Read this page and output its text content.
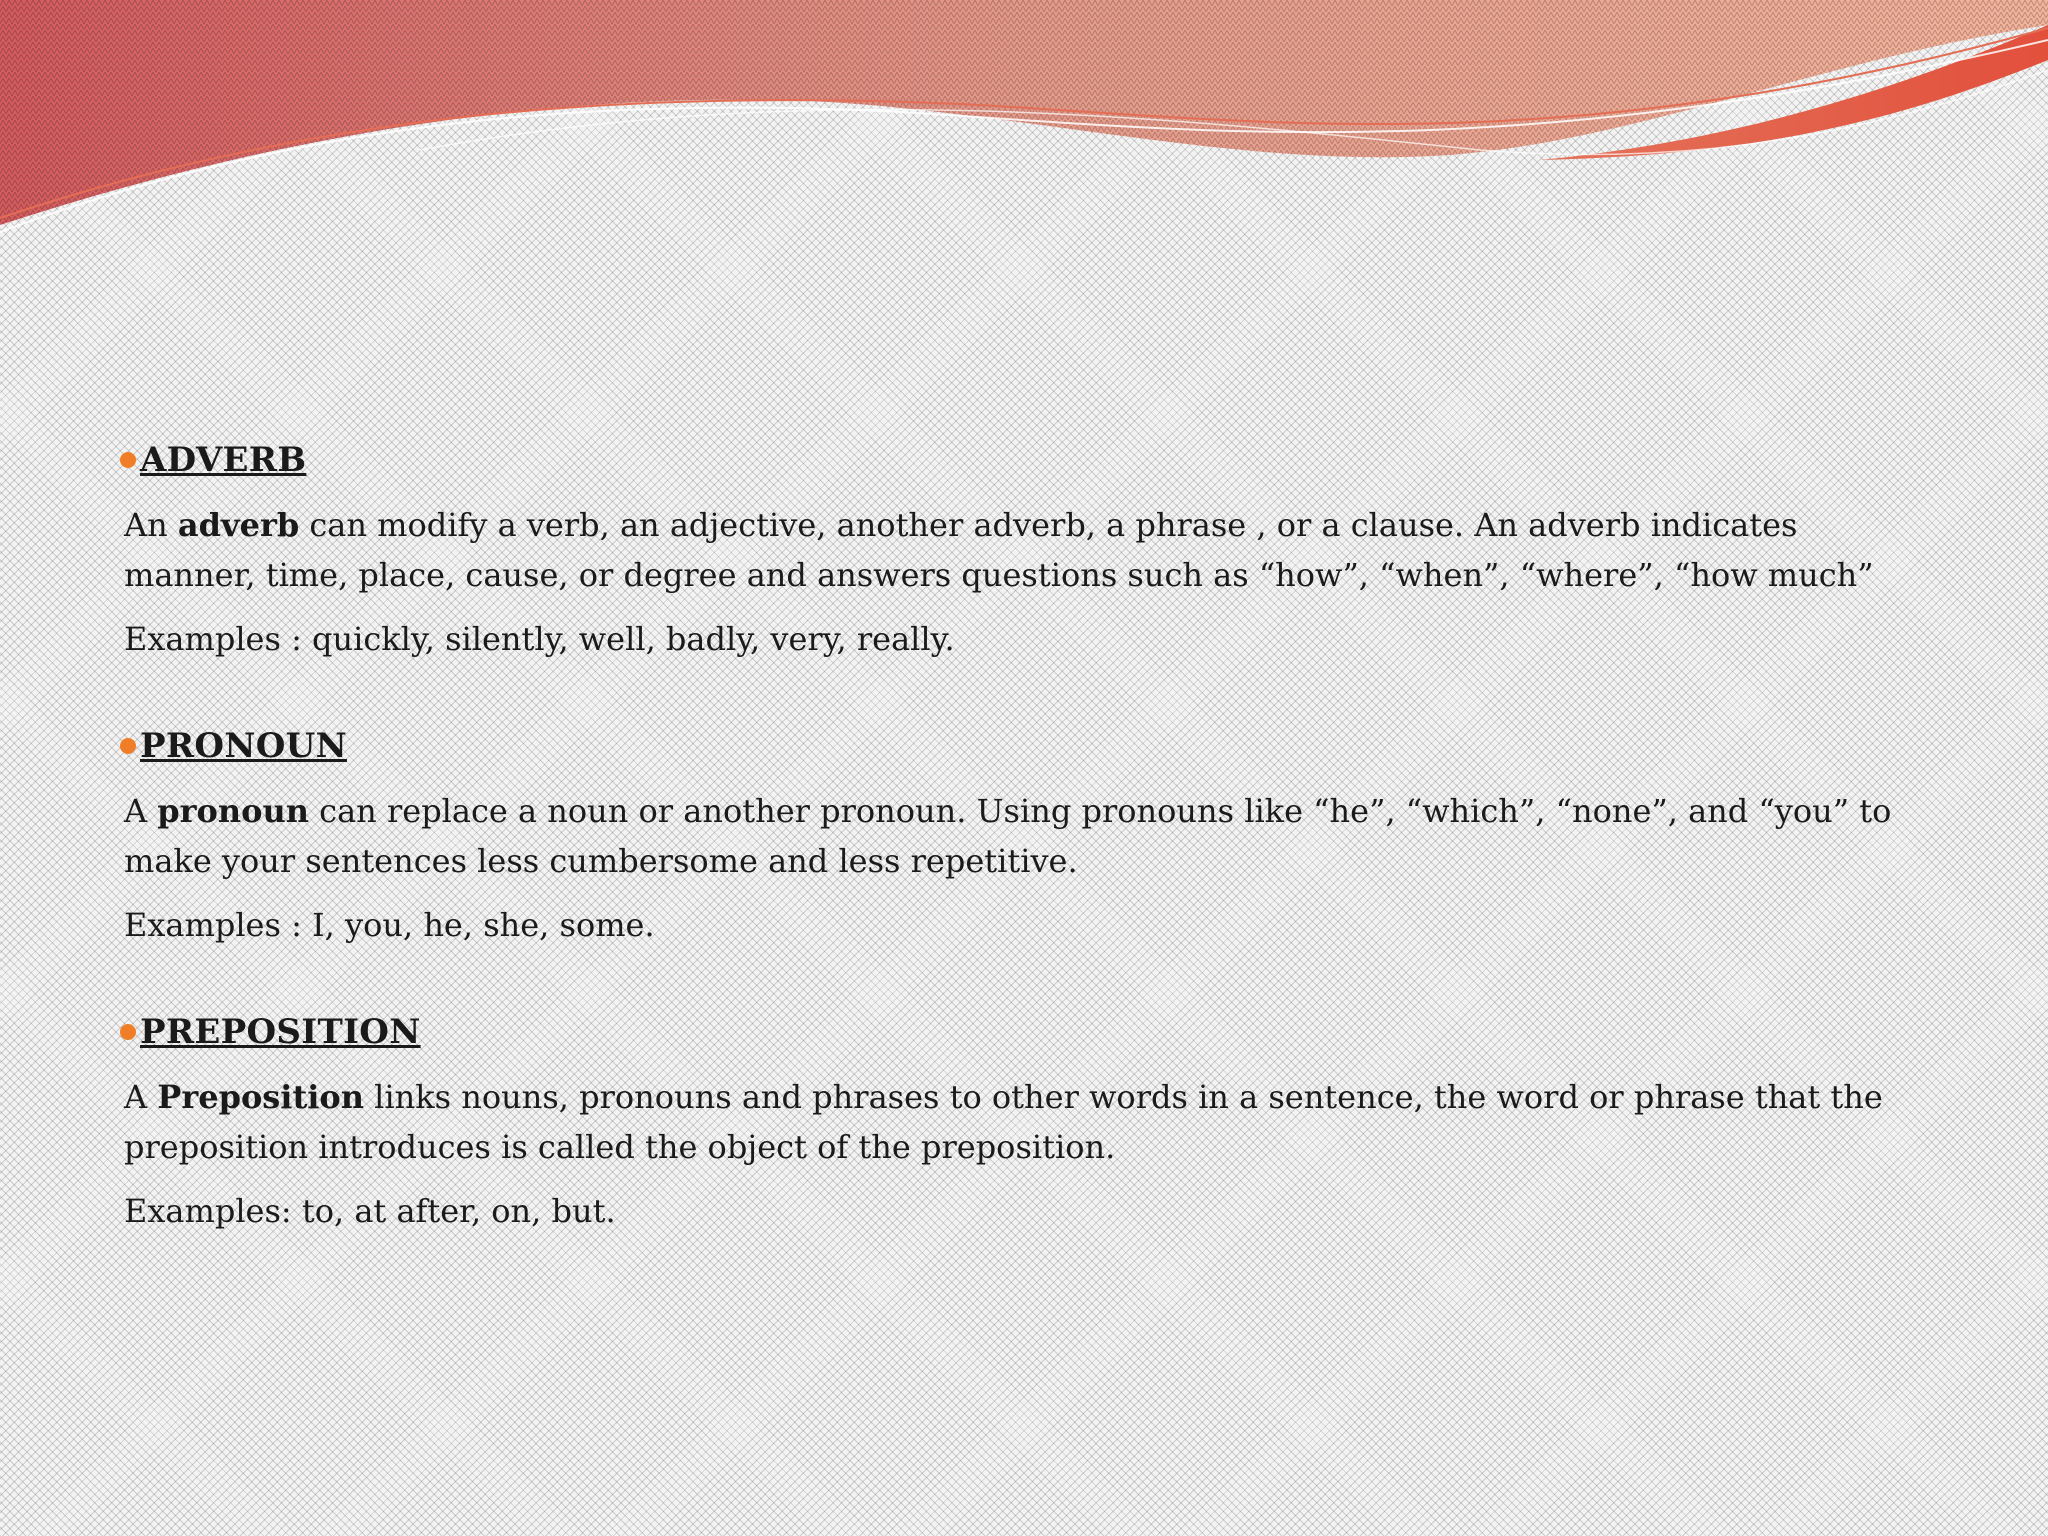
ADVERB

An adverb can modify a verb, an adjective, another adverb, a phrase , or a clause. An adverb indicates manner, time, place, cause, or degree and answers questions such as “how”, “when”, “where”, “how much”

Examples : quickly, silently, well, badly, very, really.

PRONOUN

A pronoun can replace a noun or another pronoun. Using pronouns like “he”, “which”, “none”, and “you” to make your sentences less cumbersome and less repetitive.

Examples : I, you, he, she, some.

PREPOSITION

A Preposition links nouns, pronouns and phrases to other words in a sentence, the word or phrase that the preposition introduces is called the object of the preposition.

Examples: to, at after, on, but.
